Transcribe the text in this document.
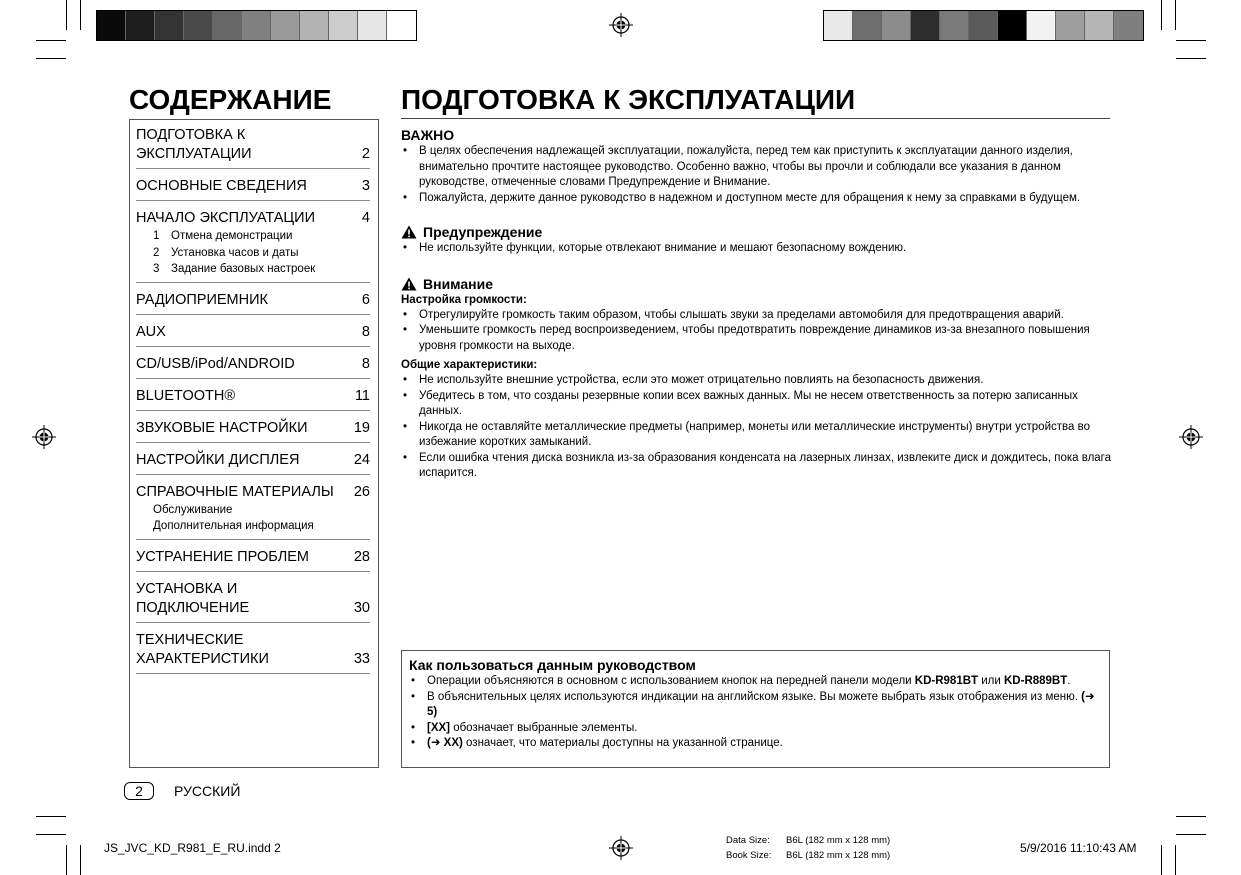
СОДЕРЖАНИЕ ПОДГОТОВКА К ЭКСПЛУАТАЦИИ
ПОДГОТОВКА К
ЭКСПЛУАТАЦИИ	2
ОСНОВНЫЕ СВЕДЕНИЯ	3
НАЧАЛО ЭКСПЛУАТАЦИИ	4
1 Отмена демонстрации
2 Установка часов и даты
3 Задание базовых настроек
РАДИОПРИЕМНИК	6
AUX	8
CD/USB/iPod/ANDROID	8
BLUETOOTH®	11
ЗВУКОВЫЕ НАСТРОЙКИ	19
НАСТРОЙКИ ДИСПЛЕЯ	24
СПРАВОЧНЫЕ МАТЕРИАЛЫ 26
Обслуживание
Дополнительная информация
УСТРАНЕНИЕ ПРОБЛЕМ	28
УСТАНОВКА И
ПОДКЛЮЧЕНИЕ	30
ТЕХНИЧЕСКИЕ
ХАРАКТЕРИСТИКИ	33
ВАЖНО
• В целях обеспечения надлежащей эксплуатации, пожалуйста, перед тем как приступить к эксплуатации данного изделия, внимательно прочтите настоящее руководство. Особенно важно, чтобы вы прочли и соблюдали все указания в данном руководстве, отмеченные словами Предупреждение и Внимание.
• Пожалуйста, держите данное руководство в надежном и доступном месте для обращения к нему за справками в будущем.
Предупреждение
• Не используйте функции, которые отвлекают внимание и мешают безопасному вождению.
Внимание
Настройка громкости:
• Отрегулируйте громкость таким образом, чтобы слышать звуки за пределами автомобиля для предотвращения аварий.
• Уменьшите громкость перед воспроизведением, чтобы предотвратить повреждение динамиков из-за внезапного повышения уровня громкости на выходе.
Общие характеристики:
• Не используйте внешние устройства, если это может отрицательно повлиять на безопасность движения.
• Убедитесь в том, что созданы резервные копии всех важных данных. Мы не несем ответственность за потерю записанных данных.
• Никогда не оставляйте металлические предметы (например, монеты или металлические инструменты) внутри устройства во избежание коротких замыканий.
• Если ошибка чтения диска возникла из-за образования конденсата на лазерных линзах, извлеките диск и дождитесь, пока влага испарится.
Как пользоваться данным руководством
• Операции объясняются в основном с использованием кнопок на передней панели модели KD-R981BT или KD-R889BT.
• В объяснительных целях используются индикации на английском языке. Вы можете выбрать язык отображения из меню. (➜ 5)
• [XX] обозначает выбранные элементы.
• (➜ XX) означает, что материалы доступны на указанной странице.
2	РУССКИЙ
JS_JVC_KD_R981_E_RU.indd 2
Data Size: B6L (182 mm x 128 mm)
Book Size: B6L (182 mm x 128 mm)
5/9/2016 11:10:43 AM
